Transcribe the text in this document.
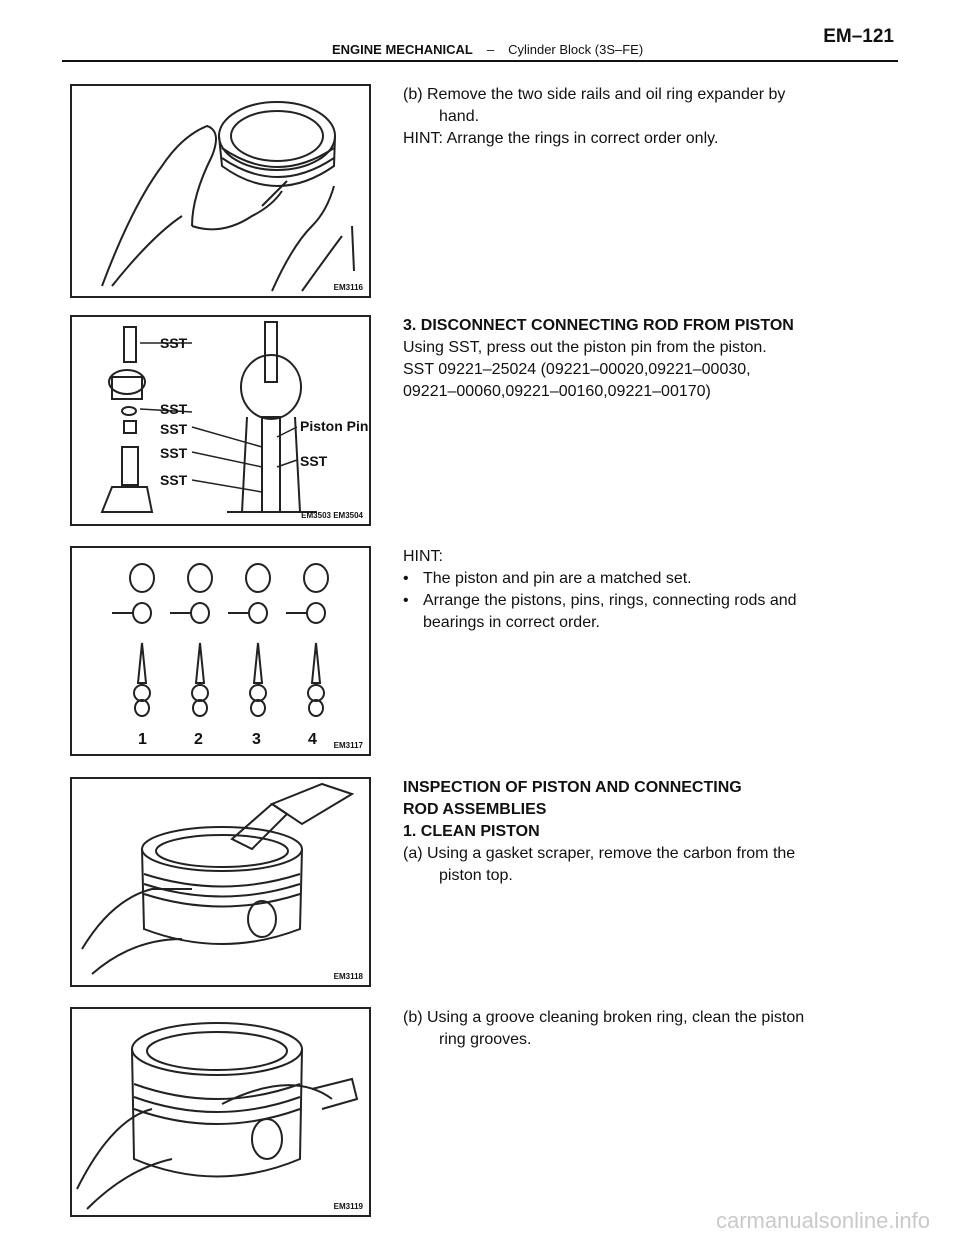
ENGINE MECHANICAL – Cylinder Block (3S–FE)
EM–121
EM3116

(b) Remove the two side rails and oil ring expander by

hand.

HINT: Arrange the rings in correct order only.

SST
SST
SST
SST
SST
Piston Pin
SST
EM3503 EM3504

3. DISCONNECT CONNECTING ROD FROM PISTON

Using SST, press out the piston pin from the piston.

SST 09221–25024 (09221–00020,09221–00030,

09221–00060,09221–00160,09221–00170)

1	2	3	4 EM3117

HINT:

• The piston and pin are a matched set.
• Arrange the pistons, pins, rings, connecting rods and
bearings in correct order.
EM3118

INSPECTION OF PISTON AND CONNECTING

ROD ASSEMBLIES

1. CLEAN PISTON

(a) Using a gasket scraper, remove the carbon from the

piston top.

EM3119

(b) Using a groove cleaning broken ring, clean the piston

ring grooves.

carmanualsonline.info
